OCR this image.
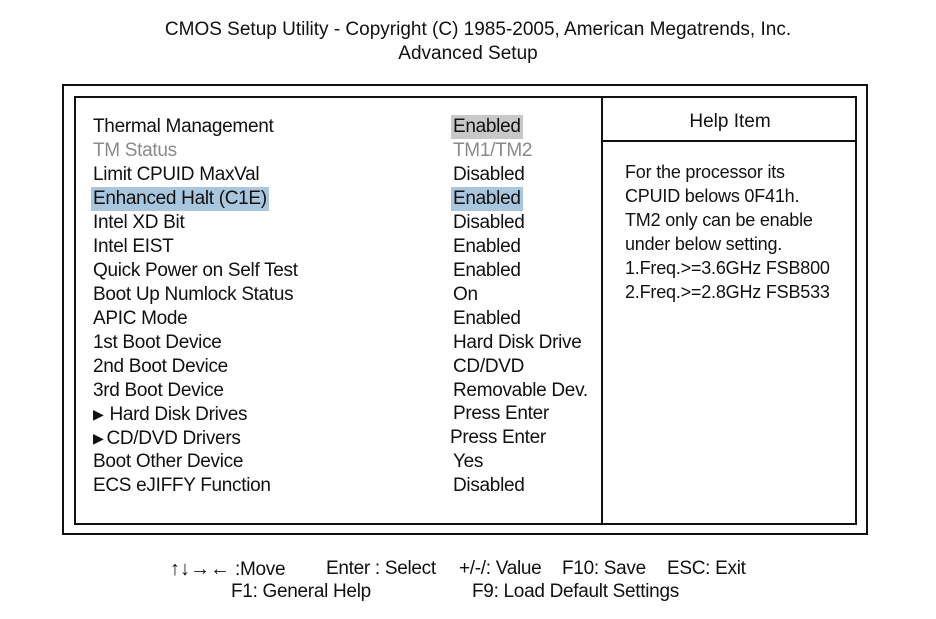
CMOS Setup Utility - Copyright (C) 1985-2005, American Megatrends, Inc.
Advanced Setup
Thermal Management	Enabled
TM Status	TM1/TM2
Limit CPUID MaxVal	Disabled
Enhanced Halt (C1E)	Enabled
Intel XD Bit	Disabled
Intel EIST	Enabled
Quick Power on Self Test	Enabled
Boot Up Numlock Status	On
APIC Mode	Enabled
1st Boot Device	Hard Disk Drive
2nd Boot Device	CD/DVD
3rd Boot Device	Removable Dev.
▶ Hard Disk Drives	Press Enter
▶ CD/DVD Drivers	Press Enter
Boot Other Device	Yes
ECS eJIFFY Function	Disabled
Help Item
For the processor its
CPUID belows 0F41h.
TM2 only can be enable
under below setting.
1.Freq.>=3.6GHz FSB800
2.Freq.>=2.8GHz FSB533
↑↓→← :Move Enter : Select +/-/: Value F10: Save ESC: Exit
F1: General Help	F9: Load Default Settings
